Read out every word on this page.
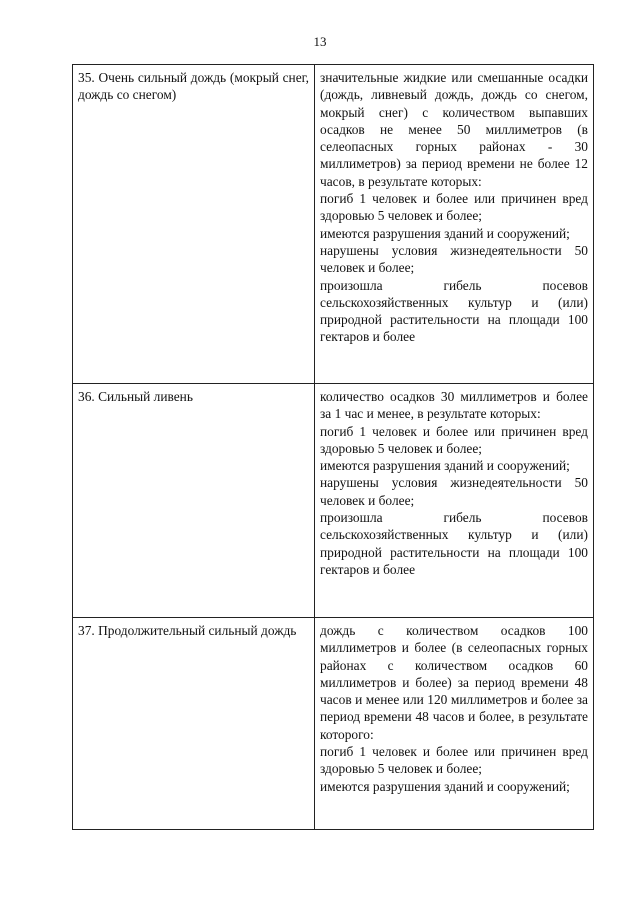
13
35. Очень сильный дождь (мокрый снег, дождь со снегом)	значительные жидкие или смешанные осадки (дождь, ливневый дождь, дождь со снегом, мокрый снег) с количеством выпавших осадков не менее 50 миллиметров (в селеопасных горных районах - 30 миллиметров) за период времени не более 12 часов, в результате которых:
погиб 1 человек и более или причинен вред здоровью 5 человек и более;
имеются разрушения зданий и сооружений;
нарушены условия жизнедеятельности 50 человек и более;
произошла гибель посевов сельскохозяйственных культур и (или) природной растительности на площади 100 гектаров и более

36. Сильный ливень	количество осадков 30 миллиметров и более за 1 час и менее, в результате которых:
погиб 1 человек и более или причинен вред здоровью 5 человек и более;
имеются разрушения зданий и сооружений;
нарушены условия жизнедеятельности 50 человек и более;
произошла гибель посевов сельскохозяйственных культур и (или) природной растительности на площади 100 гектаров и более

37. Продолжительный сильный дождь	дождь с количеством осадков 100 миллиметров и более (в селеопасных горных районах с количеством осадков 60 миллиметров и более) за период времени 48 часов и менее или 120 миллиметров и более за период времени 48 часов и более, в результате которого:
погиб 1 человек и более или причинен вред здоровью 5 человек и более;
имеются разрушения зданий и сооружений;
